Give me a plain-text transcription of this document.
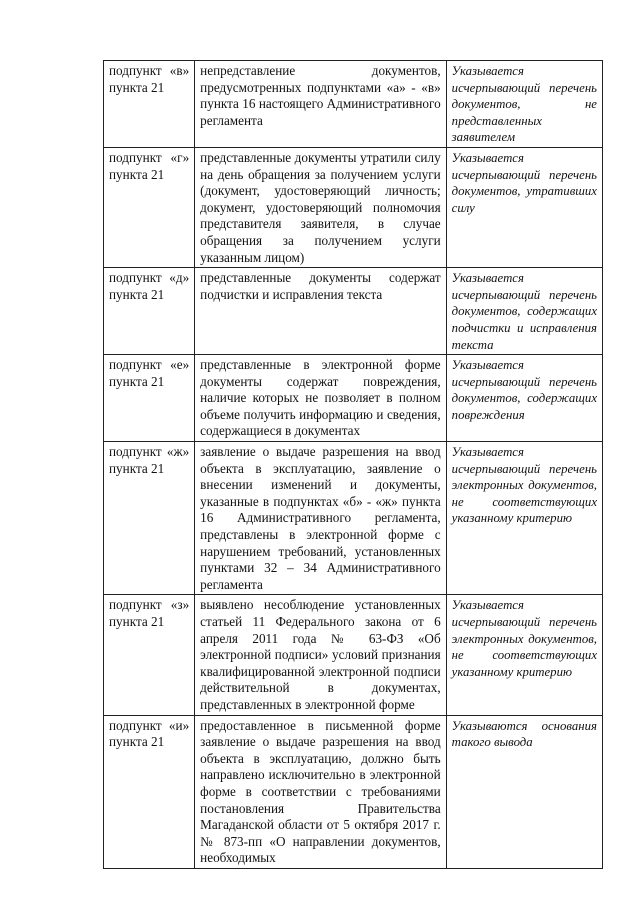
подпункт «в» пункта 21	непредставление документов, предусмотренных подпунктами «а» - «в» пункта 16 настоящего Административного регламента	Указывается исчерпывающий перечень документов, не представленных заявителем
подпункт «г» пункта 21	представленные документы утратили силу на день обращения за получением услуги (документ, удостоверяющий личность; документ, удостоверяющий полномочия представителя заявителя, в случае обращения за получением услуги указанным лицом)	Указывается исчерпывающий перечень документов, утративших силу
подпункт «д» пункта 21	представленные документы содержат подчистки и исправления текста	Указывается исчерпывающий перечень документов, содержащих подчистки и исправления текста
подпункт «е» пункта 21	представленные в электронной форме документы содержат повреждения, наличие которых не позволяет в полном объеме получить информацию и сведения, содержащиеся в документах	Указывается исчерпывающий перечень документов, содержащих повреждения
подпункт «ж» пункта 21	заявление о выдаче разрешения на ввод объекта в эксплуатацию, заявление о внесении изменений и документы, указанные в подпунктах «б» - «ж» пункта 16 Административного регламента, представлены в электронной форме с нарушением требований, установленных пунктами 32 – 34 Административного регламента	Указывается исчерпывающий перечень электронных документов, не соответствующих указанному критерию
подпункт «з» пункта 21	выявлено несоблюдение установленных статьей 11 Федерального закона от 6 апреля 2011 года № 63-ФЗ «Об электронной подписи» условий признания квалифицированной электронной подписи действительной в документах, представленных в электронной форме	Указывается исчерпывающий перечень электронных документов, не соответствующих указанному критерию
подпункт «и» пункта 21	предоставленное в письменной форме заявление о выдаче разрешения на ввод объекта в эксплуатацию, должно быть направлено исключительно в электронной форме в соответствии с требованиями постановления Правительства Магаданской области от 5 октября 2017 г. № 873-пп «О направлении документов, необходимых	Указываются основания такого вывода
